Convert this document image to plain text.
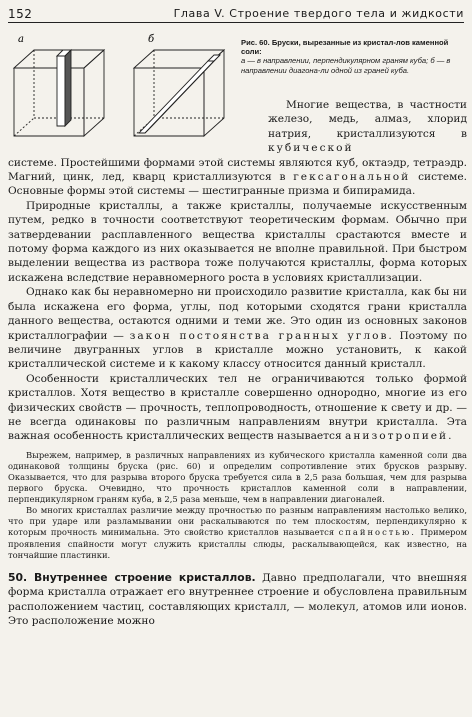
152	Глава V. Строение твердого тела и жидкости
а	б	Рис. 60. Бруски, вырезанные из кристал-лов каменной соли:
а — в направлении, перпендикулярном граням куба; б — в направлении диагона-ли одной из граней куба.

Многие вещества, в частности железо, медь, алмаз, хлорид натрия, кристаллизуются в кубической
системе. Простейшими формами этой системы являются куб, октаэдр, тетраэдр. Магний, цинк, лед, кварц кристаллизуются в гексагональной системе. Основные формы этой системы — шестигранные призма и бипирамида.

Природные кристаллы, а также кристаллы, получаемые искусственным путем, редко в точности соответствуют теоретическим формам. Обычно при затвердевании расплавленного вещества кристаллы срастаются вместе и потому форма каждого из них оказывается не вполне правильной. При быстром выделении вещества из раствора тоже получаются кристаллы, форма которых искажена вследствие неравномерного роста в условиях кристаллизации.

Однако как бы неравномерно ни происходило развитие кристалла, как бы ни была искажена его форма, углы, под которыми сходятся грани кристалла данного вещества, остаются одними и теми же. Это один из основных законов кристаллографии — закон постоянства гранных углов. Поэтому по величине двугранных углов в кристалле можно установить, к какой кристаллической системе и к какому классу относится данный кристалл.

Особенности кристаллических тел не ограничиваются только формой кристаллов. Хотя вещество в кристалле совершенно однородно, многие из его физических свойств — прочность, теплопроводность, отношение к свету и др. — не всегда одинаковы по различным направлениям внутри кристалла. Эта важная особенность кристаллических веществ называется анизотропией.

Вырежем, например, в различных направлениях из кубического кристалла каменной соли два одинаковой толщины бруска (рис. 60) и определим сопротивление этих брусков разрыву. Оказывается, что для разрыва второго бруска требуется сила в 2,5 раза большая, чем для разрыва первого бруска. Очевидно, что прочность кристаллов каменной соли в направлении, перпендикулярном граням куба, в 2,5 раза меньше, чем в направлении диагоналей.

Во многих кристаллах различие между прочностью по разным направлениям настолько велико, что при ударе или разламывании они раскалываются по тем плоскостям, перпендикулярно к которым прочность минимальна. Это свойство кристаллов называется спайностью. Примером проявления спайности могут служить кристаллы слюды, раскалывающейся, как известно, на тончайшие пластинки.

50. Внутреннее строение кристаллов. Давно предполагали, что внешняя форма кристалла отражает его внутреннее строение и обусловлена правильным расположением частиц, составляющих кристалл, — молекул, атомов или ионов. Это расположение можно
